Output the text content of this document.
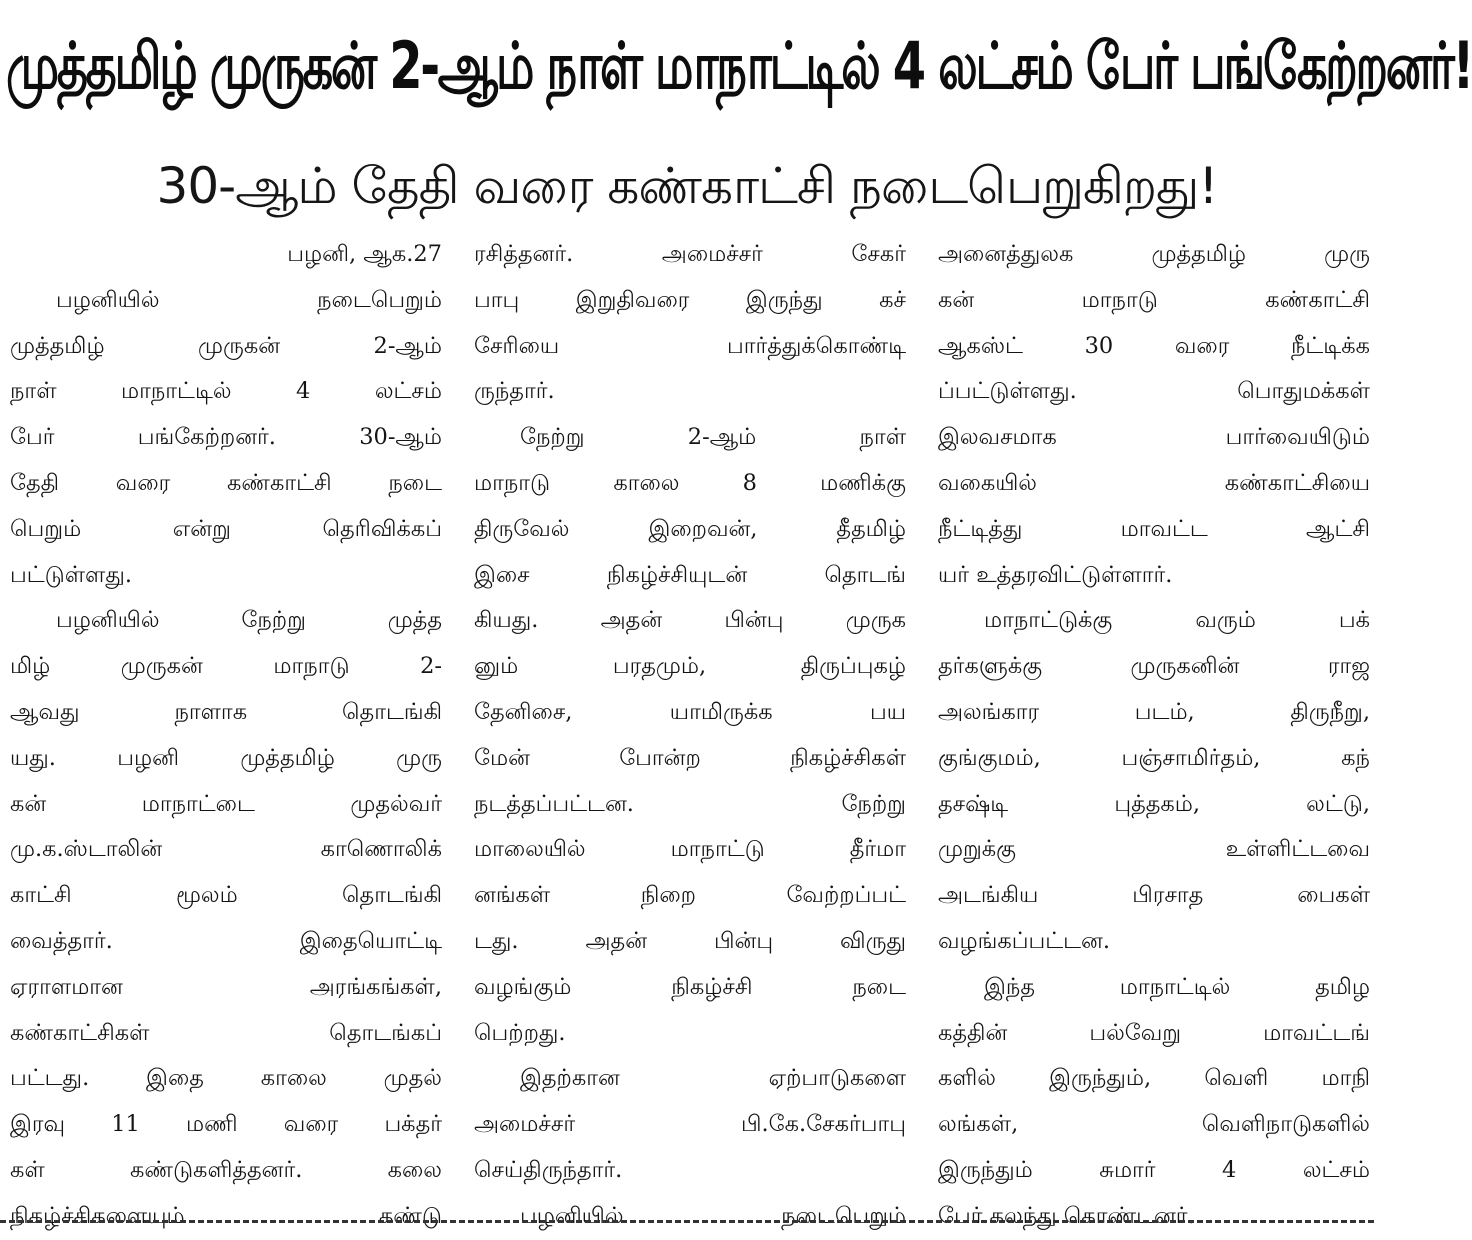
முத்தமிழ் முருகன் 2-ஆம் நாள் மாநாட்டில் 4 லட்சம் பேர் பங்கேற்றனர்!
30-ஆம் தேதி வரை கண்காட்சி நடைபெறுகிறது!
பழனி, ஆக.27
பழனியில் நடைபெறும்
முத்தமிழ் முருகன் 2-ஆம்
நாள் மாநாட்டில் 4 லட்சம்
பேர் பங்கேற்றனர். 30-ஆம்
தேதி வரை கண்காட்சி நடை
பெறும் என்று தெரிவிக்கப்
பட்டுள்ளது.
பழனியில் நேற்று முத்த
மிழ் முருகன் மாநாடு 2-
ஆவது நாளாக தொடங்கி
யது. பழனி முத்தமிழ் முரு
கன் மாநாட்டை முதல்வர்
மு.க.ஸ்டாலின் காணொலிக்
காட்சி மூலம் தொடங்கி
வைத்தார். இதையொட்டி
ஏராளமான அரங்கங்கள்,
கண்காட்சிகள் தொடங்கப்
பட்டது. இதை காலை முதல்
இரவு 11 மணி வரை பக்தர்
கள் கண்டுகளித்தனர். கலை
நிகழ்ச்சிகளையும் கண்டு
ரசித்தனர். அமைச்சர் சேகர்
பாபு இறுதிவரை இருந்து கச்
சேரியை பார்த்துக்கொண்டி
ருந்தார்.
நேற்று 2-ஆம் நாள்
மாநாடு காலை 8 மணிக்கு
திருவேல் இறைவன், தீதமிழ்
இசை நிகழ்ச்சியுடன் தொடங்
கியது. அதன் பின்பு முருக
னும் பரதமும், திருப்புகழ்
தேனிசை, யாமிருக்க பய
மேன் போன்ற நிகழ்ச்சிகள்
நடத்தப்பட்டன. நேற்று
மாலையில் மாநாட்டு தீர்மா
னங்கள் நிறை வேற்றப்பட்
டது. அதன் பின்பு விருது
வழங்கும் நிகழ்ச்சி நடை
பெற்றது.
இதற்கான ஏற்பாடுகளை
அமைச்சர் பி.கே.சேகர்பாபு
செய்திருந்தார்.
பழனியில் நடைபெறும்
அனைத்துலக முத்தமிழ் முரு
கன் மாநாடு கண்காட்சி
ஆகஸ்ட் 30 வரை நீட்டிக்க
ப்பட்டுள்ளது. பொதுமக்கள்
இலவசமாக பார்வையிடும்
வகையில் கண்காட்சியை
நீட்டித்து மாவட்ட ஆட்சி
யர் உத்தரவிட்டுள்ளார்.
மாநாட்டுக்கு வரும் பக்
தர்களுக்கு முருகனின் ராஜ
அலங்கார படம், திருநீறு,
குங்குமம், பஞ்சாமிர்தம், கந்
தசஷ்டி புத்தகம், லட்டு,
முறுக்கு உள்ளிட்டவை
அடங்கிய பிரசாத பைகள்
வழங்கப்பட்டன.
இந்த மாநாட்டில் தமிழ
கத்தின் பல்வேறு மாவட்டங்
களில் இருந்தும், வெளி மாநி
லங்கள், வெளிநாடுகளில்
இருந்தும் சுமார் 4 லட்சம்
பேர் கலந்து கொண்டனர்.
